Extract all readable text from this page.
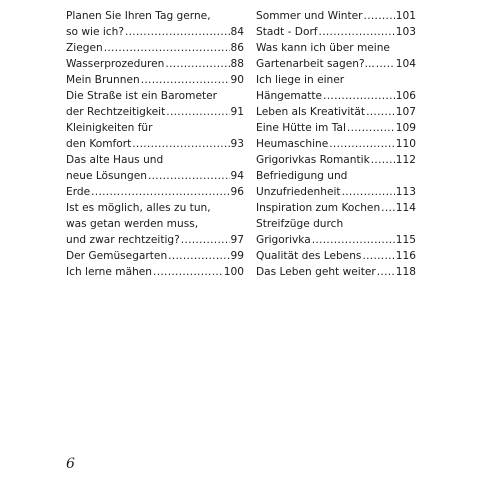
Planen Sie Ihren Tag gerne,
so wie ich? .....	84
Ziegen .....	86
Wasserprozeduren .....	88
Mein Brunnen .....	90
Die Straße ist ein Barometer
der Rechtzeitigkeit .....	91
Kleinigkeiten für
den Komfort .....	93
Das alte Haus und
neue Lösungen .....	94
Erde .....	96
Ist es möglich, alles zu tun,
was getan werden muss,
und zwar rechtzeitig? .....	97
Der Gemüsegarten .....	99
Ich lerne mähen .....	100
Sommer und Winter .....	101
Stadt - Dorf .....	103
Was kann ich über meine
Gartenarbeit sagen?... ..... 104
Ich liege in einer
Hängematte .....	106
Leben als Kreativität .....	107
Eine Hütte im Tal .....	109
Heumaschine .....	110
Grigorivkas Romantik ..... 112
Befriedigung und
Unzufriedenheit .....	113
Inspiration zum Kochen ..... 114
Streifzüge durch
Grigorivka .....	115
Qualität des Lebens .....	116
Das Leben geht weiter ..... 118
6
